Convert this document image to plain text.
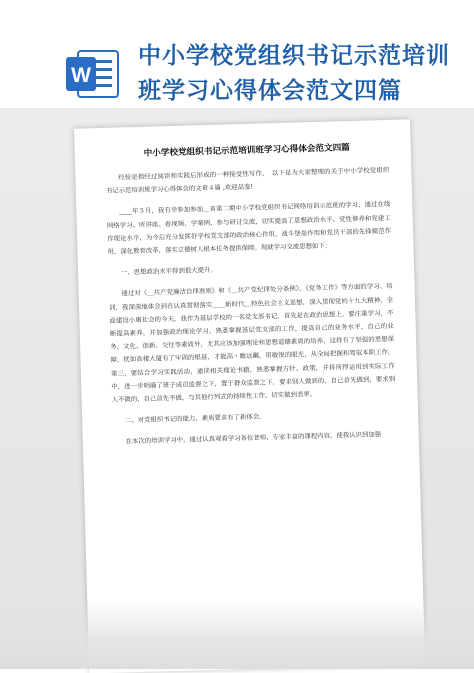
W
中小学校党组织书记示范培训
班学习心得体会范文四篇
中小学校党组织书记示范培训班学习心得体会范文四篇

经验是指经过阅读和实践后形成的一种接受性写作。　以下是为大家整理的关于中小学校党组织书记示范培训班学习心得体会的文章４篇 ,欢迎品鉴!

____年５月，我有幸参加参加＿省第二期中小学校党组织书记网络培训示范班的学习，通过在线网络学习、听讲座、看视频、学案例、参与研讨交流，切实提高了思想政治水平、党性修养和党建工作理论水平，为今后充分发挥好学校党支部的政治核心作用、战斗堡垒作用和党员干部的先锋模范作用，深化教育改革，落实立德树人根本任务提供保障。现就学习交流思想如下：

一、思想政治水平得到很大提升。

通过对《＿共产党廉洁自律准则》和《＿共产党纪律处分条例》、《党务工作》等方面的学习、培训，我深深地体会到在认真贯彻落实＿＿新时代＿特色社会主义思想，深入贯彻党的十九大精神，全面建设小康社会的今天，我作为基层学校的一名党支部书记，首先是在政治思想上，要注重学习，不断提高素养。并加强政治理论学习，熟悉掌握基层党支部的工作，提高自己的业务水平，自己的业务、文化、创新、交往等素质外，尤其应该加强理论和思想道德素质的培养，这样有了坚强的思想保障，扰如高楼大厦有了牢固的根基，才能高・瞻远瞩，用敏锐的眼光，从全局把握和驾驭本职工作。第三，要结合学习实践活动，通读相关理论书籍，熟悉掌握方针、政策，并将所得运用到实际工作中，进一步明确了班子成员监督之下，置于群众监督之下，要求别人做到的，自己首先做到，要求别人不做的，自己首先不做，与其他行列式的持续性工作，切实做到表率。

二、对党组织书记的能力、素质要求有了新体会。

在本次的培训学习中，通过认真观看学习各位老师、专家丰富的课程内容，使我认识到加强
